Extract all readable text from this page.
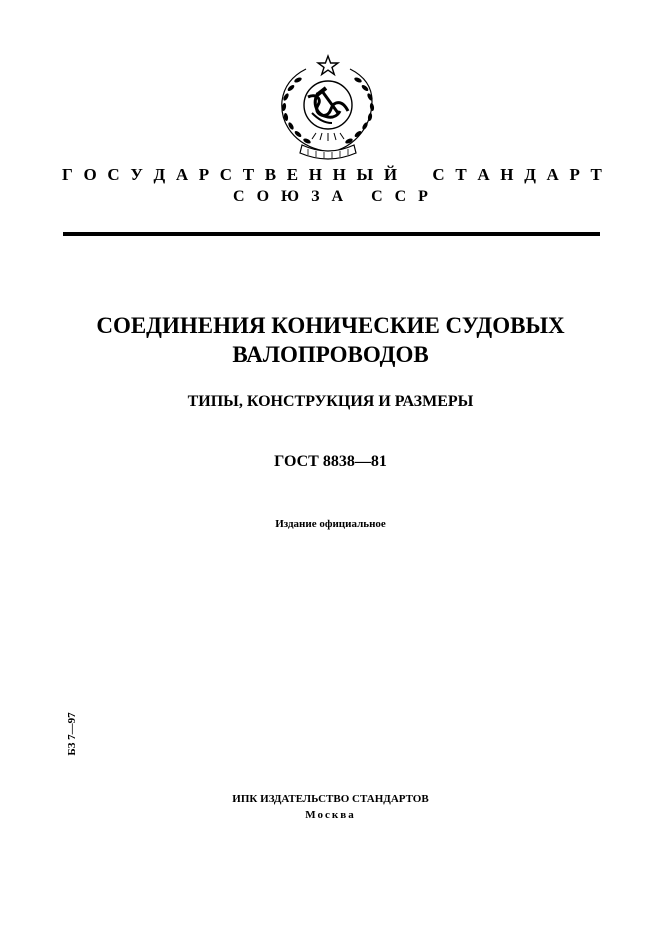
Г О С У Д А Р С Т В Е Н Н Ы Й С Т А Н Д А Р Т
СОЮЗА ССР
СОЕДИНЕНИЯ КОНИЧЕСКИЕ СУДОВЫХ
ВАЛОПРОВОДОВ
ТИПЫ, КОНСТРУКЦИЯ И РАЗМЕРЫ
ГОСТ 8838—81
Издание официальное
БЗ 7—97
ИПК ИЗДАТЕЛЬСТВО СТАНДАРТОВ
Москва
